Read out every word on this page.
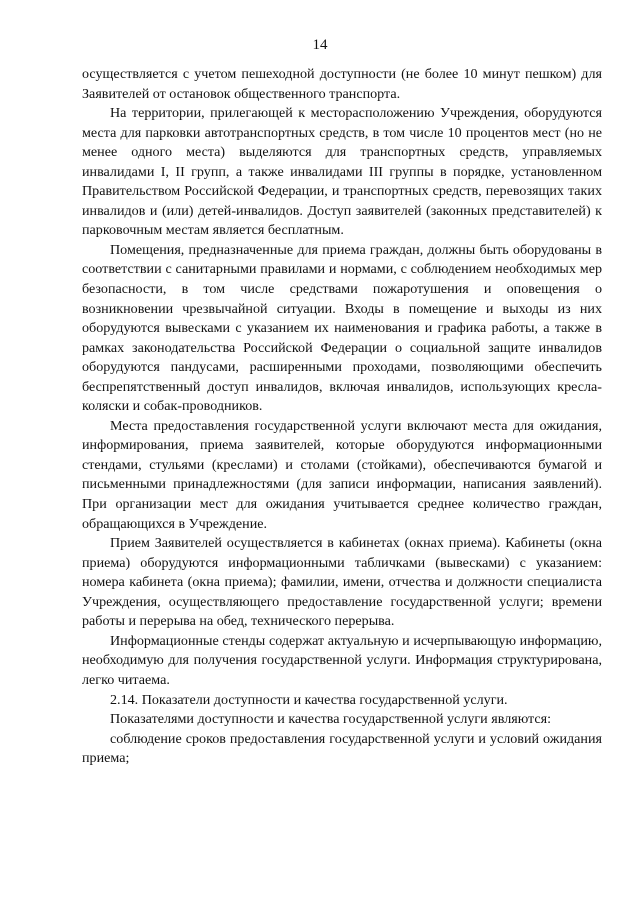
14

осуществляется с учетом пешеходной доступности (не более 10 минут пешком) для Заявителей от остановок общественного транспорта.

На территории, прилегающей к месторасположению Учреждения, оборудуются места для парковки автотранспортных средств, в том числе 10 процентов мест (но не менее одного места) выделяются для транспортных средств, управляемых инвалидами I, II групп, а также инвалидами III группы в порядке, установленном Правительством Российской Федерации, и транспортных средств, перевозящих таких инвалидов и (или) детей-инвалидов. Доступ заявителей (законных представителей) к парковочным местам является бесплатным.

Помещения, предназначенные для приема граждан, должны быть оборудованы в соответствии с санитарными правилами и нормами, с соблюдением необходимых мер безопасности, в том числе средствами пожаротушения и оповещения о возникновении чрезвычайной ситуации. Входы в помещение и выходы из них оборудуются вывесками с указанием их наименования и графика работы, а также в рамках законодательства Российской Федерации о социальной защите инвалидов оборудуются пандусами, расширенными проходами, позволяющими обеспечить беспрепятственный доступ инвалидов, включая инвалидов, использующих кресла-коляски и собак-проводников.

Места предоставления государственной услуги включают места для ожидания, информирования, приема заявителей, которые оборудуются информационными стендами, стульями (креслами) и столами (стойками), обеспечиваются бумагой и письменными принадлежностями (для записи информации, написания заявлений). При организации мест для ожидания учитывается среднее количество граждан, обращающихся в Учреждение.

Прием Заявителей осуществляется в кабинетах (окнах приема). Кабинеты (окна приема) оборудуются информационными табличками (вывесками) с указанием: номера кабинета (окна приема); фамилии, имени, отчества и должности специалиста Учреждения, осуществляющего предоставление государственной услуги; времени работы и перерыва на обед, технического перерыва.

Информационные стенды содержат актуальную и исчерпывающую информацию, необходимую для получения государственной услуги. Информация структурирована, легко читаема.

2.14. Показатели доступности и качества государственной услуги.

Показателями доступности и качества государственной услуги являются:

соблюдение сроков предоставления государственной услуги и условий ожидания приема;
